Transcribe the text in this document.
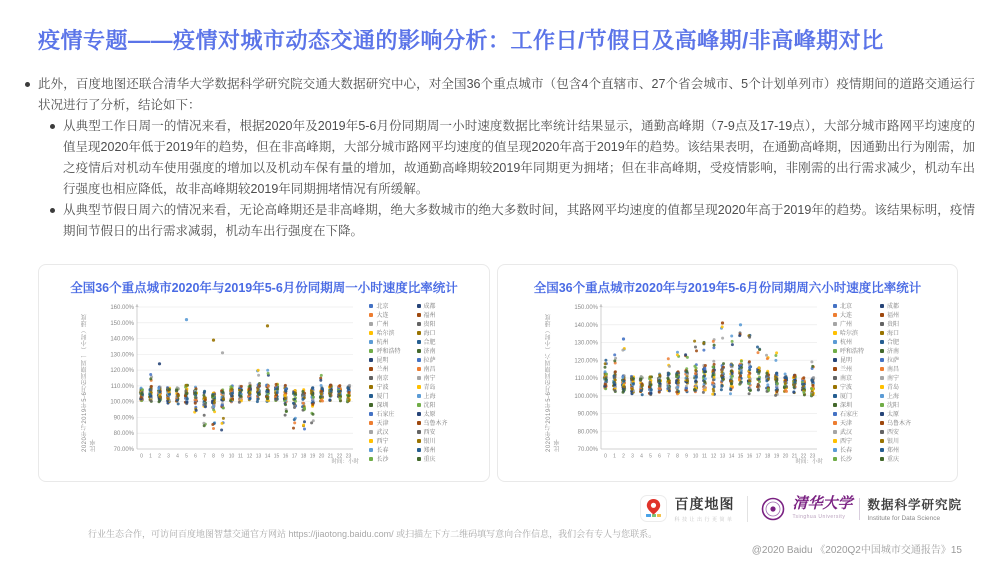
疫情专题——疫情对城市动态交通的影响分析：工作日/节假日及高峰期/非高峰期对比
此外，百度地图还联合清华大学数据科学研究院交通大数据研究中心，对全国36个重点城市（包含4个直辖市、27个省会城市、5个计划单列市）疫情期间的道路交通运行状况进行了分析，结论如下：
从典型工作日周一的情况来看，根据2020年及2019年5-6月份同期周一小时速度数据比率统计结果显示，通勤高峰期（7-9点及17-19点），大部分城市路网平均速度的值呈现2020年低于2019年的趋势，但在非高峰期，大部分城市路网平均速度的值呈现2020年高于2019年的趋势。该结果表明，在通勤高峰期，因通勤出行为刚需，加之疫情后对机动车使用强度的增加以及机动车保有量的增加，故通勤高峰期较2019年同期更为拥堵；但在非高峰期，受疫情影响，非刚需的出行需求减少，机动车出行强度也相应降低，故非高峰期较2019年同期拥堵情况有所缓解。
从典型节假日周六的情况来看，无论高峰期还是非高峰期，绝大多数城市的绝大多数时间，其路网平均速度的值都呈现2020年高于2019年的趋势。该结果标明，疫情期间节假日的出行需求减弱，机动车出行强度在下降。
全国36个重点城市2020年与2019年5-6月份同期周一小时速度比率统计
2020年与2019年5-6月份同期周一（小时）速度比率
160.00%
150.00%
140.00%
130.00%
120.00%
110.00%
100.00%
90.00%
80.00%
70.00%
0 1 2 3 4 5 6 7 8 9 10 11 12 13 14 15 16 17 18 19 20 21 22 23
时间：小时
北京
大连
广州
哈尔滨
杭州
呼和浩特
昆明
兰州
南京
宁波
厦门
深圳
石家庄
天津
武汉
西宁
长春
长沙
成都
福州
贵阳
海口
合肥
济南
拉萨
南昌
南宁
青岛
上海
沈阳
太原
乌鲁木齐
西安
银川
郑州
重庆
全国36个重点城市2020年与2019年5-6月份同期周六小时速度比率统计
2020年与2019年5-6月份同期周六（小时）速度比率
150.00%
140.00%
130.00%
120.00%
110.00%
100.00%
90.00%
80.00%
70.00%
0 1 2 3 4 5 6 7 8 9 10 11 12 13 14 15 16 17 18 19 20 21 22 23
时间：小时
北京
大连
广州
哈尔滨
杭州
呼和浩特
昆明
兰州
南京
宁波
厦门
深圳
石家庄
天津
武汉
西宁
长春
长沙
成都
福州
贵阳
海口
合肥
济南
拉萨
南昌
南宁
青岛
上海
沈阳
太原
乌鲁木齐
西安
银川
郑州
重庆
百度地图
科技让出行更简单
清华大学
Tsinghua University
数据科学研究院
Institute for Data Science
行业生态合作，可访问百度地图智慧交通官方网站 https://jiaotong.baidu.com/ 或扫描左下方二维码填写意向合作信息，我们会有专人与您联系。
@2020 Baidu 《2020Q2中国城市交通报告》15
